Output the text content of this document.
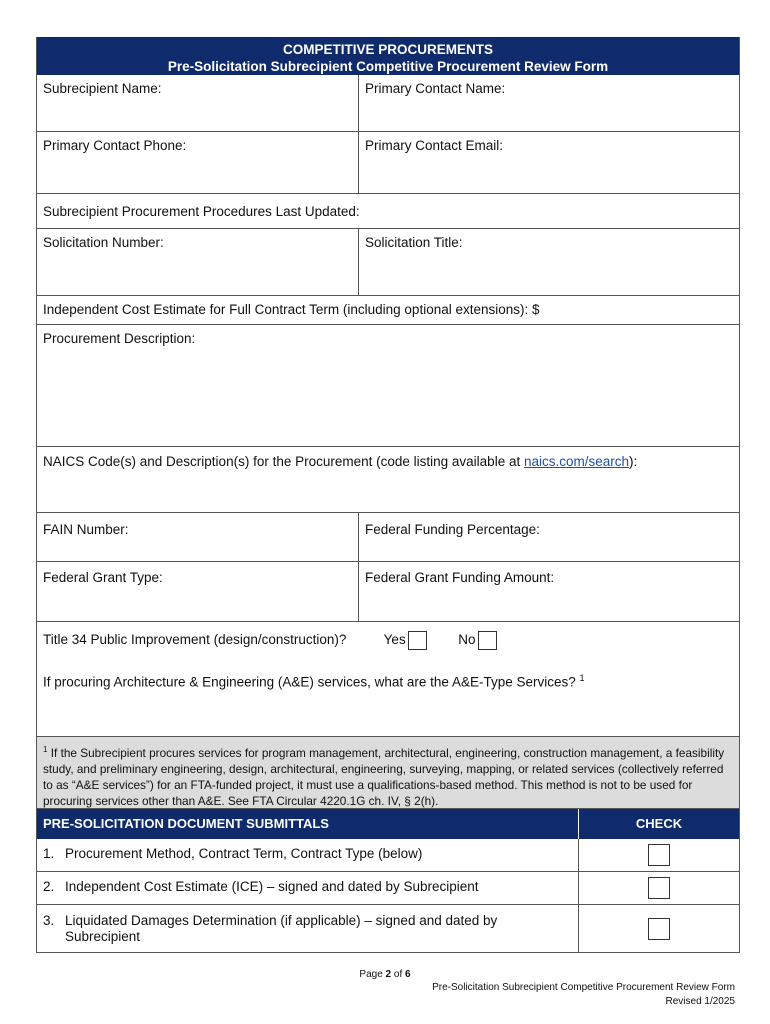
COMPETITIVE PROCUREMENTS
Pre-Solicitation Subrecipient Competitive Procurement Review Form
Subrecipient Name:	Primary Contact Name:
Primary Contact Phone:	Primary Contact Email:
Subrecipient Procurement Procedures Last Updated:
Solicitation Number:	Solicitation Title:
Independent Cost Estimate for Full Contract Term (including optional extensions): $
Procurement Description:
NAICS Code(s) and Description(s) for the Procurement (code listing available at naics.com/search):
FAIN Number:	Federal Funding Percentage:
Federal Grant Type:	Federal Grant Funding Amount:
Title 34 Public Improvement (design/construction)?	Yes	No
If procuring Architecture & Engineering (A&E) services, what are the A&E-Type Services? $^1$
$^1$ If the Subrecipient procures services for program management, architectural, engineering, construction management, a feasibility study, and preliminary engineering, design, architectural, engineering, surveying, mapping, or related services (collectively referred to as “A&E services”) for an FTA-funded project, it must use a qualifications-based method. This method is not to be used for procuring services other than A&E. See FTA Circular 4220.1G ch. IV, § 2(h).
PRE-SOLICITATION DOCUMENT SUBMITTALS	CHECK
1. Procurement Method, Contract Term, Contract Type (below)
2. Independent Cost Estimate (ICE) – signed and dated by Subrecipient
3. Liquidated Damages Determination (if applicable) – signed and dated by Subrecipient
Page 2 of 6
Pre-Solicitation Subrecipient Competitive Procurement Review Form
Revised 1/2025
